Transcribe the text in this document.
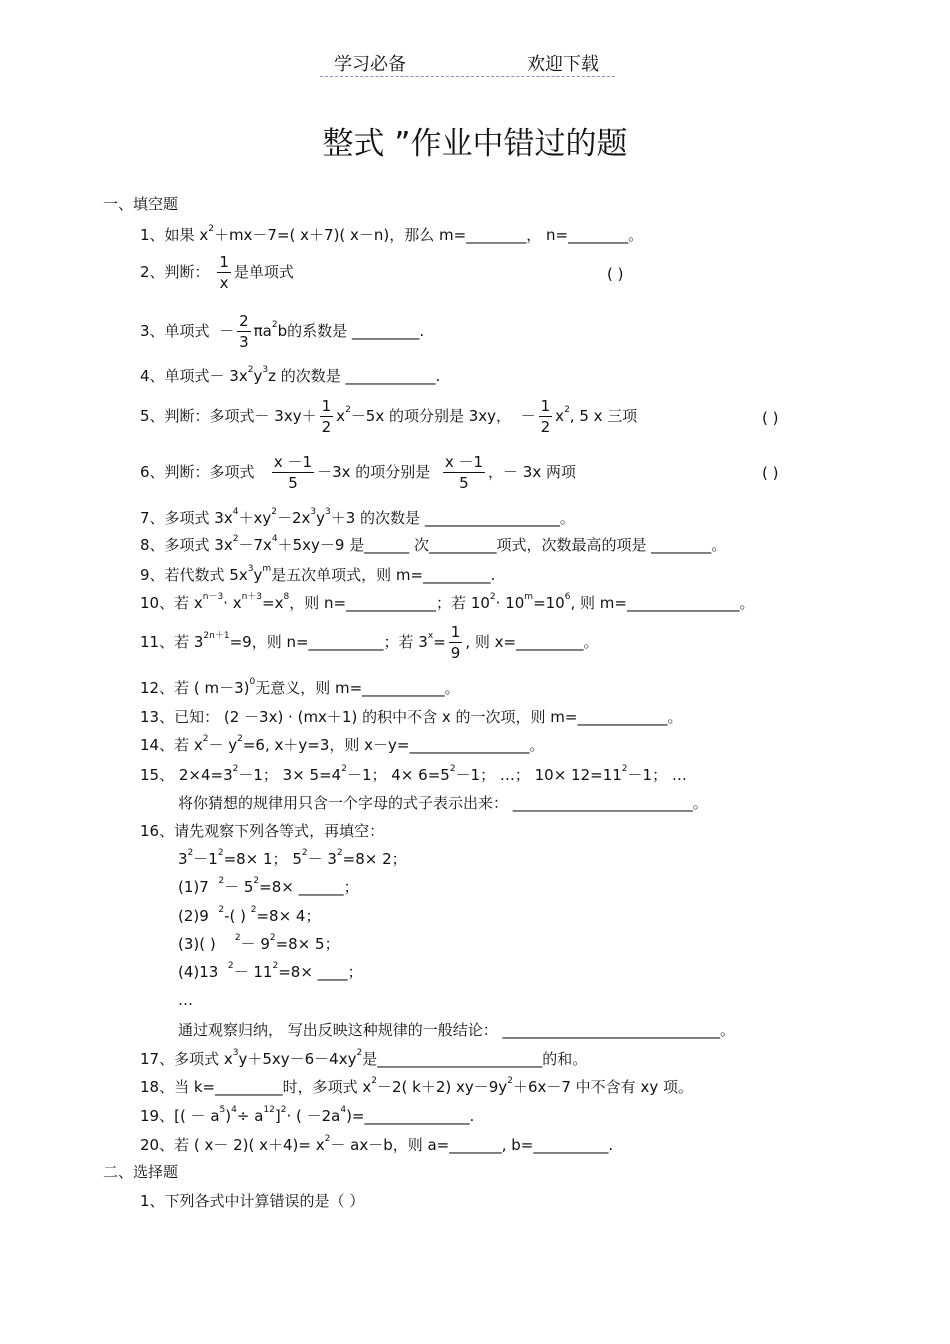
学习必备	欢迎下载
整式 ”作业中错过的题
一、填空题
1、如果 $x^2+mx-7=$( x＋7)( x－n)，那么 m=________， n=________。
2、判断： $\frac{1}{x}$ 是单项式	( )
3、单项式 － $\frac{2}{3} \pi a^2b$的系数是 _________.
4、单项式－ $3x^2y^3z$ 的次数是 ____________.
5、判断：多项式－ $3xy+ \frac{1}{2} x^2-5x$ 的项分别是 3xy， － $\frac{1}{2} x^2$, 5 x 三项	( )
6、判断：多项式 $\frac{x -1}{5} -3x$ 的项分别是 $\frac{x -1}{5}$ ，－ 3x 两项	( )
7、多项式 $3x^4+xy^2-2x^3y^3+3$ 的次数是 __________________。
8、多项式 $3x^2-7x^4+5xy-9$ 是______ 次_________项式，次数最高的项是 ________。
9、若代数式 $5x^3y^m$是五次单项式，则 m=_________.
10、若 $x^{n-3}\cdot x^{n+3}=x^8$，则 n=____________；若 $10^2\cdot 10^m=10^6$, 则 m=_______________。
11、若 $3^{2n+1}=9$，则 n=__________；若 $3^x= \frac{1}{9}$ , 则 x=_________。
12、若 ( m－3)$^0$无意义，则 m=___________。
13、已知： (2 －3x) · (mx＋1) 的积中不含 x 的一次项，则 m=____________。
14、若 $x^2- y^2=6$, x＋y=3，则 x－y=________________。
15、 $2\times 4=3^2-1$； $3\times 5=4^2-1$； $4\times 6=5^2-1$； …； $10\times 12=11^2-1$； …
将你猜想的规律用只含一个字母的式子表示出来： ________________________。
16、请先观察下列各等式，再填空：
$3^2-1^2=8\times 1$； $5^2- 3^2=8\times 2$；
(1)7 $^2- 5^2=8\times$ ______；
(2)9 $^2$-( ) $^2$=8× 4；
(3)( ) $^2- 9^2=8\times 5$；
(4)13 $^2- 11^2=8\times$ ____；
…
通过观察归纳， 写出反映这种规律的一般结论： _____________________________。
17、多项式 $x^3y+5xy-6-4xy^2$是______________________的和。
18、当 k=_________时，多项式 $x^2-2$( k＋2) $xy-9y^2+6x-7$ 中不含有 xy 项。
19、[( － $a^5)^4\div a^{12}]^2\cdot$ ( $-2a^4)=\_\_\_\_\_\_\_\_\_\_\_\_\_\_$.
20、若 ( x－ 2)( $x+4)= x^2- ax-b$，则 a=_______, b=__________.
二、选择题
1、下列各式中计算错误的是（ ）
